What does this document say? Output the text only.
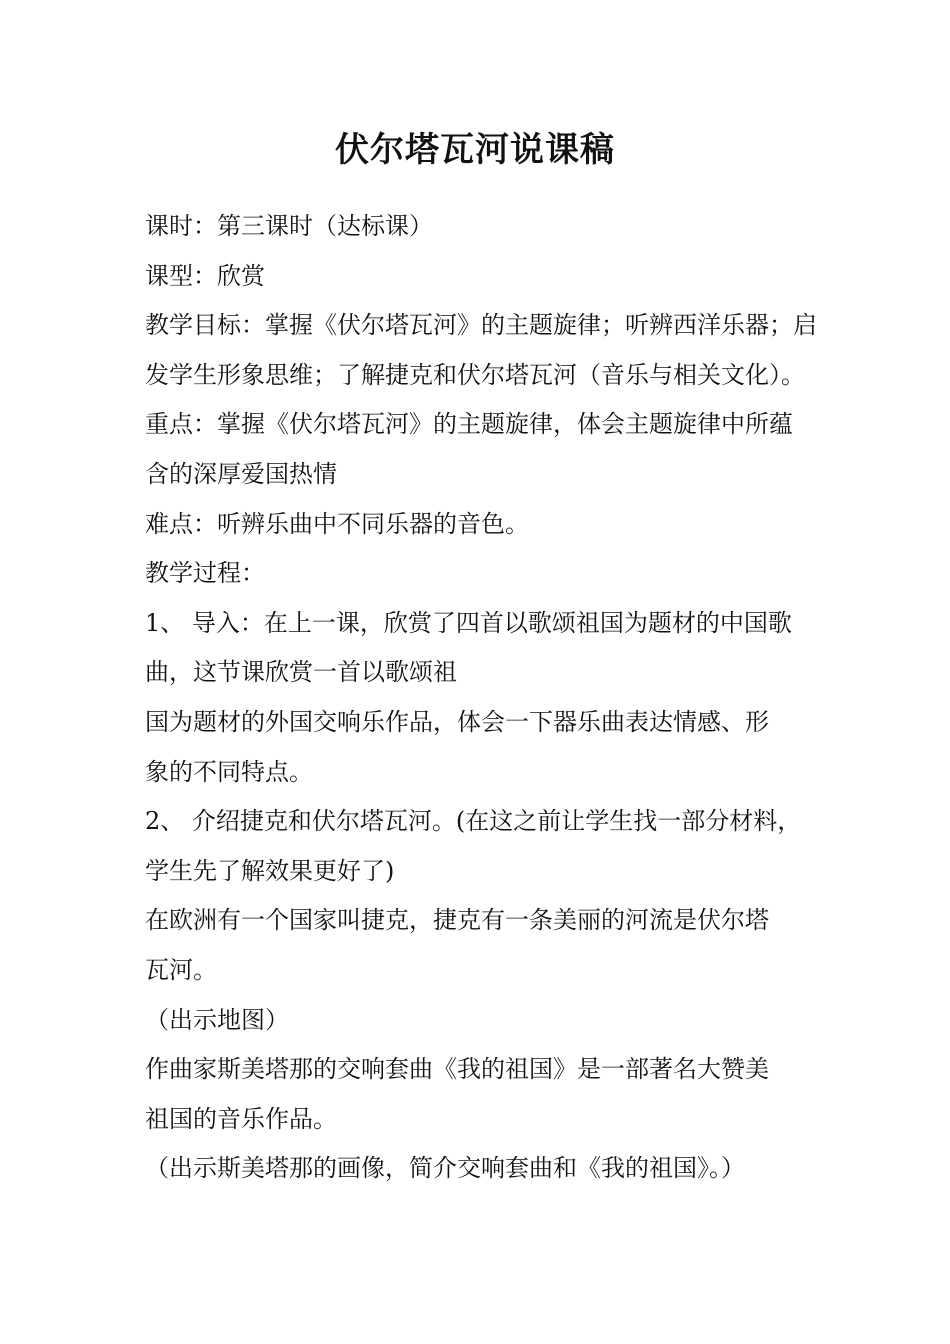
伏尔塔瓦河说课稿
课时：第三课时（达标课）
课型：欣赏
教学目标：掌握《伏尔塔瓦河》的主题旋律；听辨西洋乐器；启
发学生形象思维；了解捷克和伏尔塔瓦河（音乐与相关文化）。
重点：掌握《伏尔塔瓦河》的主题旋律，体会主题旋律中所蕴
含的深厚爱国热情
难点：听辨乐曲中不同乐器的音色。
教学过程：
1、 导入：在上一课，欣赏了四首以歌颂祖国为题材的中国歌
曲，这节课欣赏一首以歌颂祖
国为题材的外国交响乐作品，体会一下器乐曲表达情感、形
象的不同特点。
2、 介绍捷克和伏尔塔瓦河。(在这之前让学生找一部分材料，
学生先了解效果更好了)
在欧洲有一个国家叫捷克，捷克有一条美丽的河流是伏尔塔
瓦河。
（出示地图）
作曲家斯美塔那的交响套曲《我的祖国》是一部著名大赞美
祖国的音乐作品。
（出示斯美塔那的画像，简介交响套曲和《我的祖国》。）
